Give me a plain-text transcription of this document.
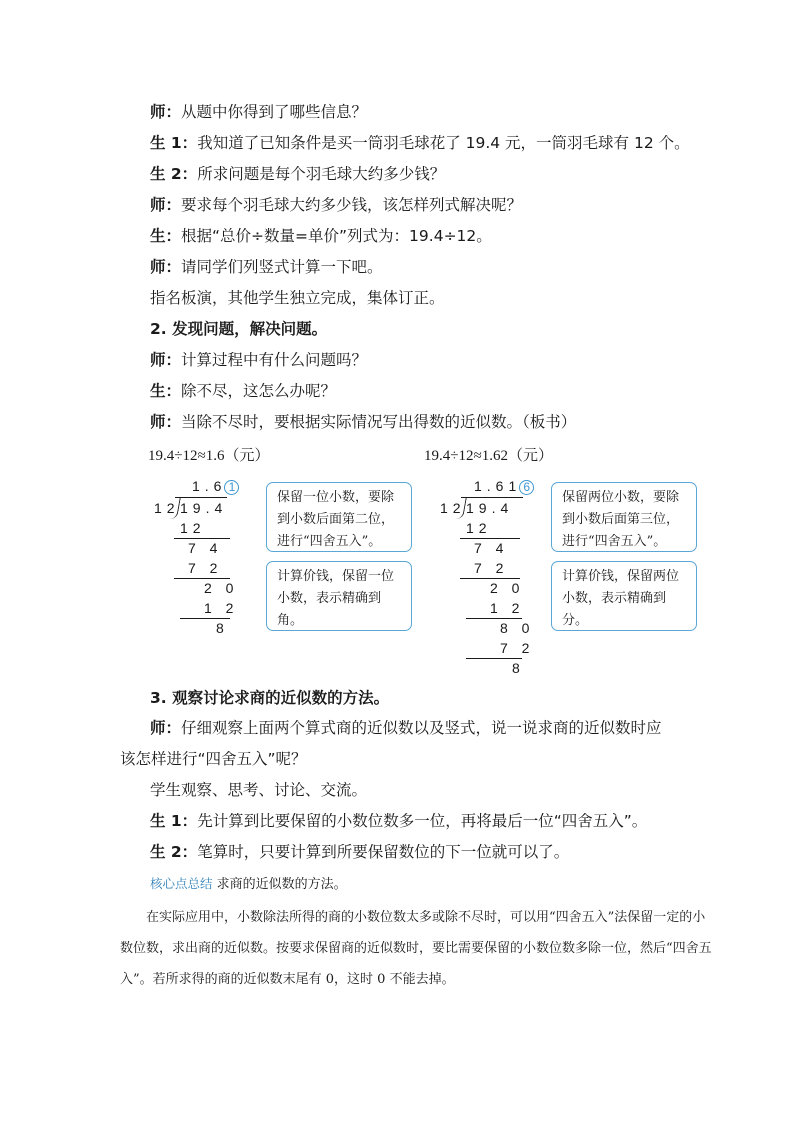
师：从题中你得到了哪些信息？
生 1：我知道了已知条件是买一筒羽毛球花了 19.4 元，一筒羽毛球有 12 个。
生 2：所求问题是每个羽毛球大约多少钱？
师：要求每个羽毛球大约多少钱，该怎样列式解决呢？
生：根据“总价÷数量=单价”列式为：19.4÷12。
师：请同学们列竖式计算一下吧。
指名板演，其他学生独立完成，集体订正。
2. 发现问题，解决问题。
师：计算过程中有什么问题吗？
生：除不尽，这怎么办呢？
师：当除不尽时，要根据实际情况写出得数的近似数。（板书）
19.4÷12≈1.6（元）	19.4÷12≈1.62（元）
1.6 1
12 19.4
12
7 4
7 2
2 0
1 2
8
保留一位小数，要除到小数后面第二位，进行“四舍五入”。
计算价钱，保留一位小数，表示精确到角。
1.61 6
12 19.4
12
7 4
7 2
2 0
1 2
8 0
7 2
8
保留两位小数，要除到小数后面第三位，进行“四舍五入”。
计算价钱，保留两位小数，表示精确到分。
3. 观察讨论求商的近似数的方法。
师：仔细观察上面两个算式商的近似数以及竖式，说一说求商的近似数时应
该怎样进行“四舍五入”呢？
学生观察、思考、讨论、交流。
生 1：先计算到比要保留的小数位数多一位，再将最后一位“四舍五入”。
生 2：笔算时，只要计算到所要保留数位的下一位就可以了。
核心点总结 求商的近似数的方法。
在实际应用中，小数除法所得的商的小数位数太多或除不尽时，可以用“四舍五入”法保留一定的小数位数，求出商的近似数。按要求保留商的近似数时，要比需要保留的小数位数多除一位，然后“四舍五入”。若所求得的商的近似数末尾有 0，这时 0 不能去掉。
